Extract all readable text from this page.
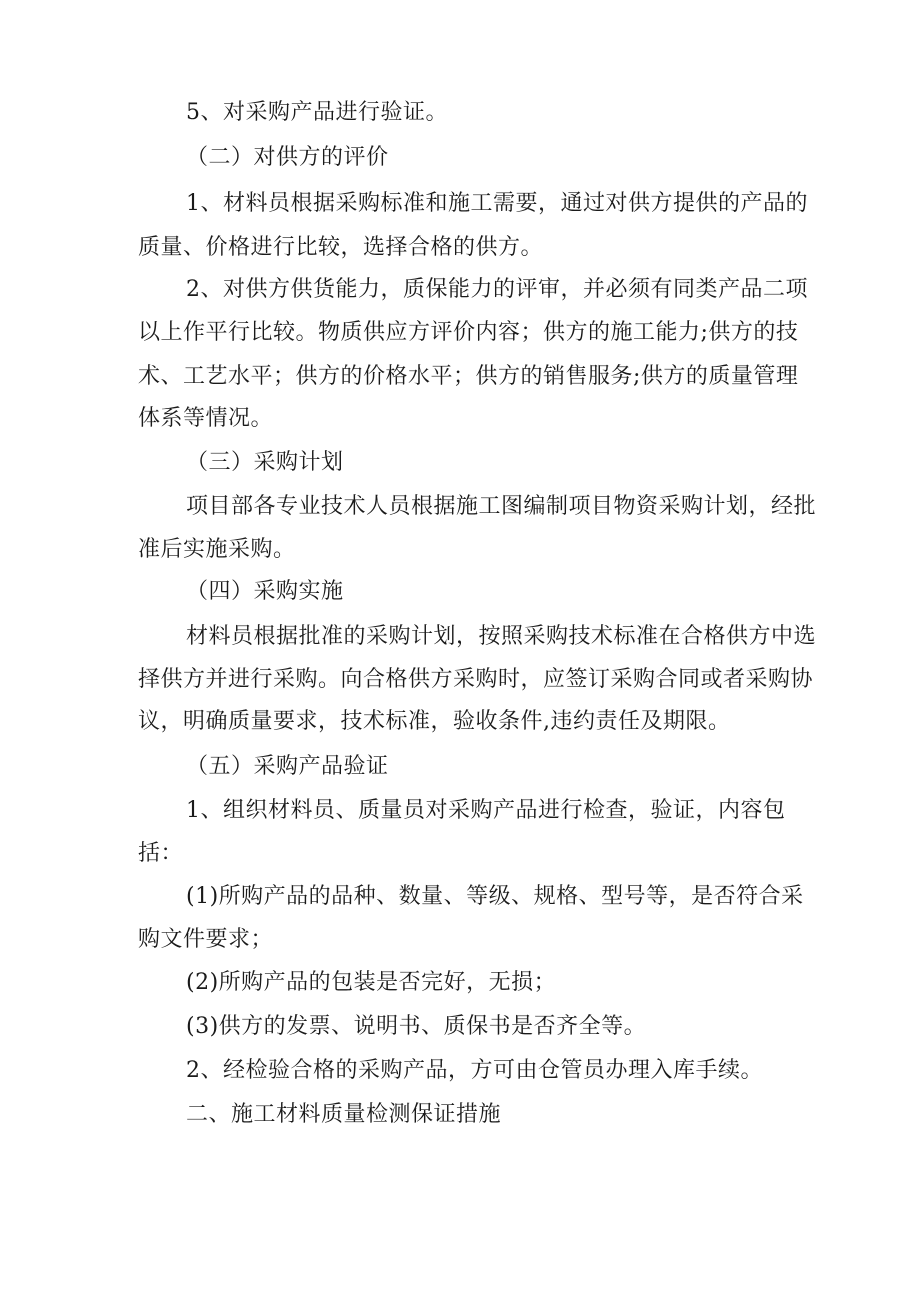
5、对采购产品进行验证。
（二）对供方的评价
1、材料员根据采购标准和施工需要，通过对供方提供的产品的
质量、价格进行比较，选择合格的供方。
2、对供方供货能力，质保能力的评审，并必须有同类产品二项
以上作平行比较。物质供应方评价内容；供方的施工能力;供方的技
术、工艺水平；供方的价格水平；供方的销售服务;供方的质量管理
体系等情况。
（三）采购计划
项目部各专业技术人员根据施工图编制项目物资采购计划，经批
准后实施采购。
（四）采购实施
材料员根据批准的采购计划，按照采购技术标准在合格供方中选
择供方并进行采购。向合格供方采购时，应签订采购合同或者采购协
议，明确质量要求，技术标准，验收条件,违约责任及期限。
（五）采购产品验证
1、组织材料员、质量员对采购产品进行检查，验证，内容包
括：
(1)所购产品的品种、数量、等级、规格、型号等，是否符合采
购文件要求；
(2)所购产品的包装是否完好，无损；
(3)供方的发票、说明书、质保书是否齐全等。
2、经检验合格的采购产品，方可由仓管员办理入库手续。
二、施工材料质量检测保证措施
